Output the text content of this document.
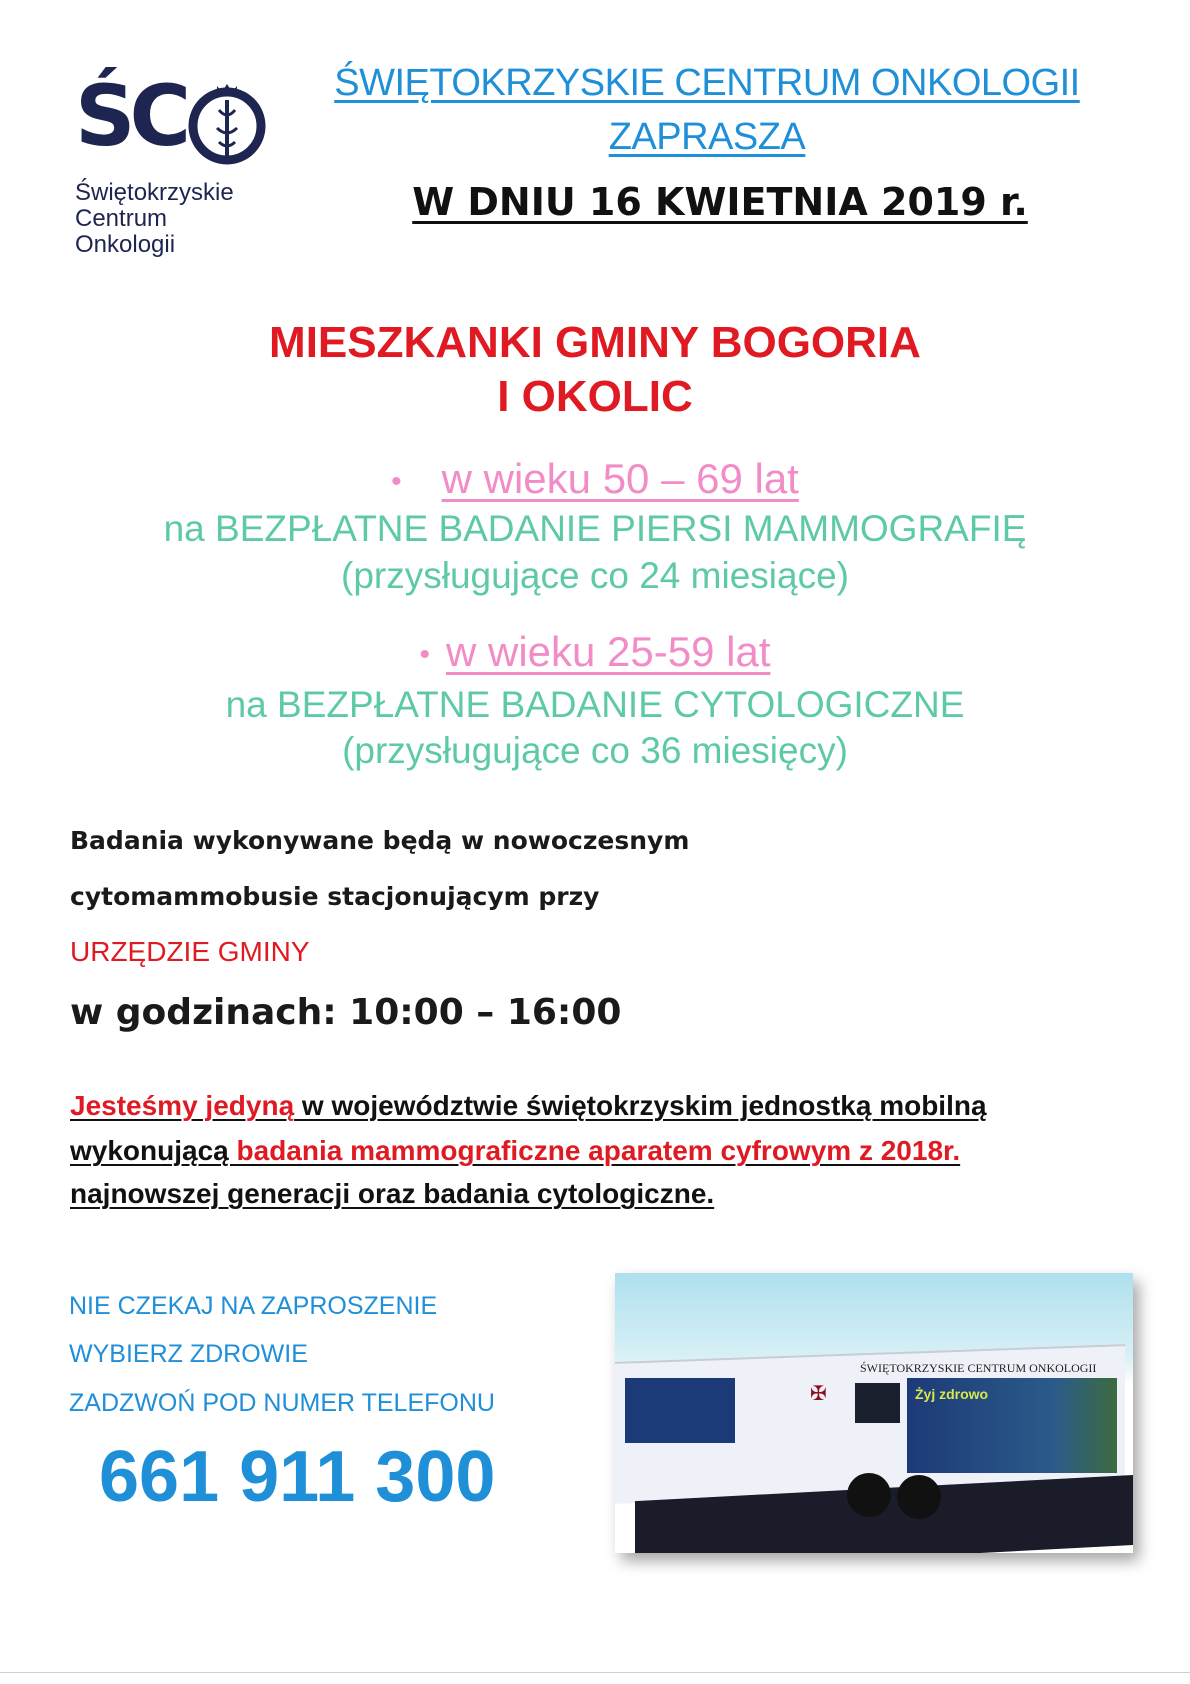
ŚC
Świętokrzyskie
Centrum
Onkologii
ŚWIĘTOKRZYSKIE CENTRUM ONKOLOGII
ZAPRASZA
W DNIU 16 KWIETNIA 2019 r.
MIESZKANKI GMINY BOGORIA
I OKOLIC
• w wieku 50 – 69 lat
na BEZPŁATNE BADANIE PIERSI MAMMOGRAFIĘ
(przysługujące co 24 miesiące)
• w wieku 25-59 lat
na BEZPŁATNE BADANIE CYTOLOGICZNE
(przysługujące co 36 miesięcy)
Badania wykonywane będą w nowoczesnym
cytomammobusie stacjonującym przy
URZĘDZIE GMINY
w godzinach: 10:00 – 16:00
Jesteśmy jedyną w województwie świętokrzyskim jednostką mobilną
wykonującą badania mammograficzne aparatem cyfrowym z 2018r.
najnowszej generacji oraz badania cytologiczne.
NIE CZEKAJ NA ZAPROSZENIE
WYBIERZ ZDROWIE
ZADZWOŃ POD NUMER TELEFONU
661 911 300
ŚWIĘTOKRZYSKIE CENTRUM ONKOLOGII
✠	Żyj zdrowo
